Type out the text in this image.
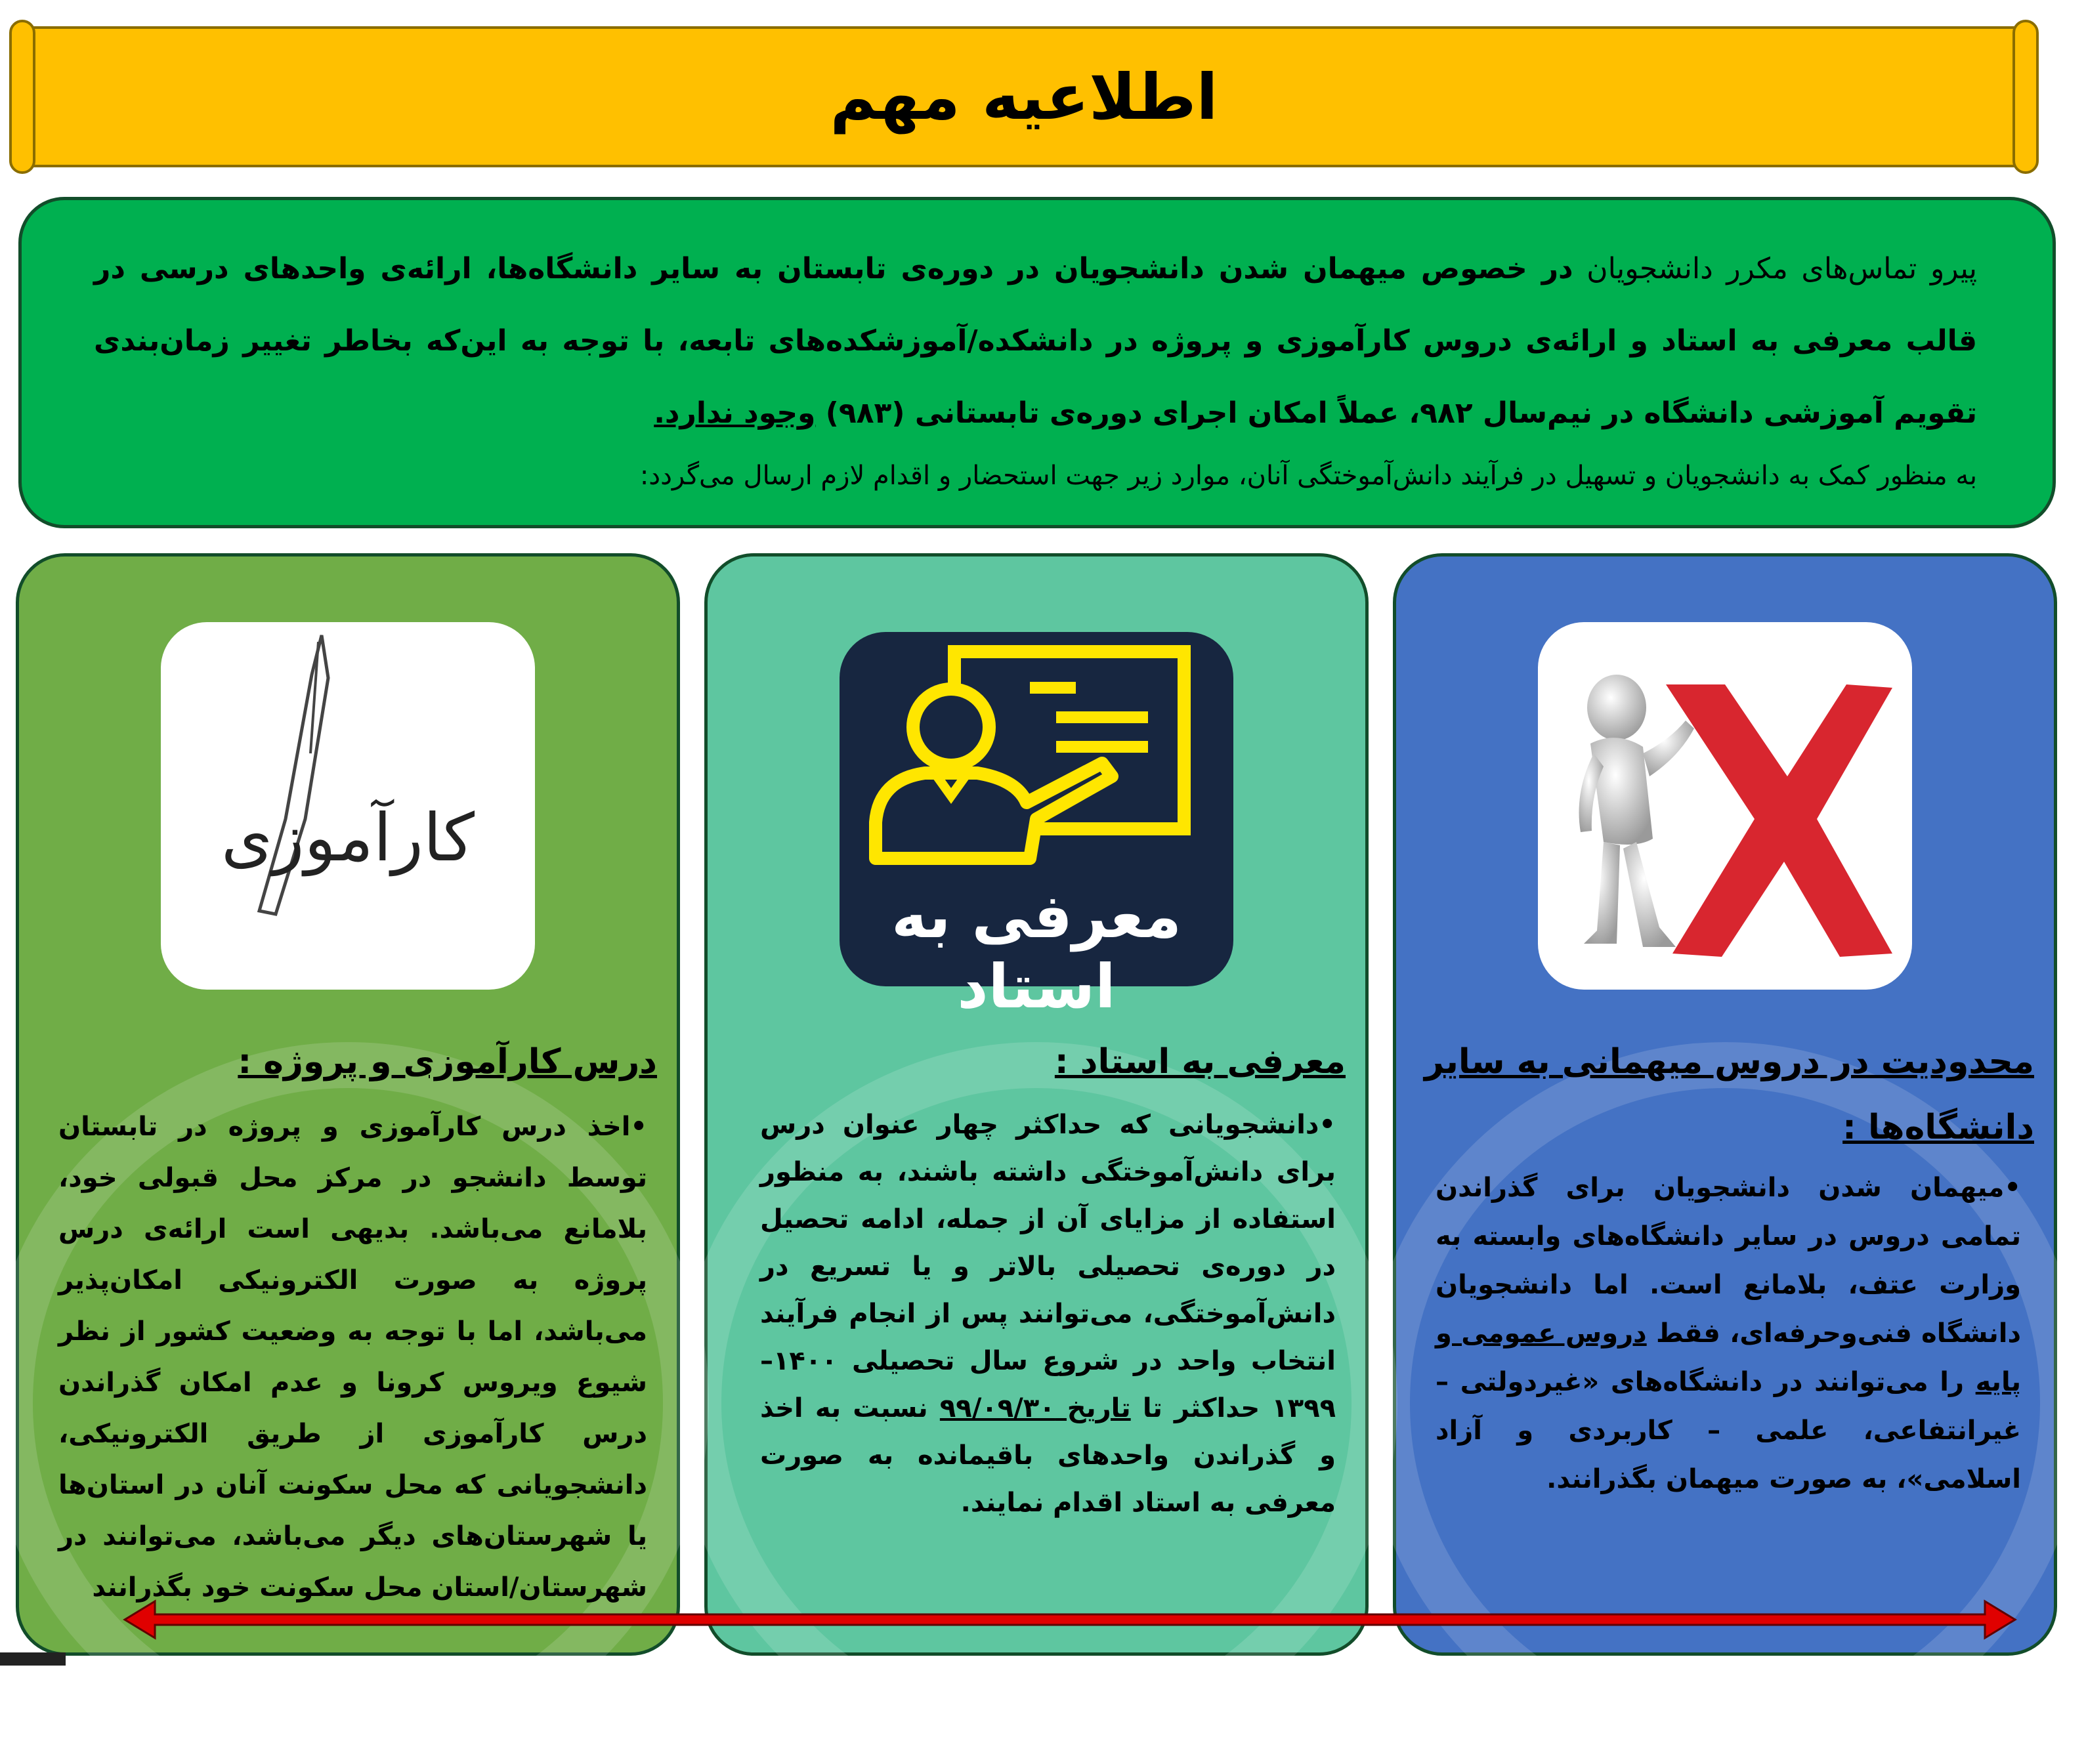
اطلاعیه مهم

پیرو تماس‌های مکرر دانشجویان در خصوص میهمان شدن دانشجویان در دوره‌ی تابستان به سایر دانشگاه‌ها، ارائه‌ی واحدهای درسی در قالب معرفی به استاد و ارائه‌ی دروس کارآموزی و پروژه در دانشکده/آموزشکده‌های تابعه، با توجه به این‌که بخاطر تغییر زمان‌بندی تقویم آموزشی دانشگاه در نیم‌سال ۹۸۲، عملاً امکان اجرای دوره‌ی تابستانی (۹۸۳) وجود ندارد.

به منظور کمک به دانشجویان و تسهیل در فرآیند دانش‌آموختگی آنان، موارد زیر جهت استحضار و اقدام لازم ارسال می‌گردد:

محدودیت در دروس میهمانی به سایر دانشگاه‌ها :

•میهمان شدن دانشجویان برای گذراندن تمامی دروس در سایر دانشگاه‌های وابسته به وزارت عتف، بلامانع است. اما دانشجویان دانشگاه فنی‌وحرفه‌ای، فقط دروس عمومی و پایه را می‌توانند در دانشگاه‌های «غیردولتی – غیرانتفاعی، علمی – کاربردی و آزاد اسلامی»، به صورت میهمان بگذرانند.

معرفی به استاد
معرفی به استاد :

•دانشجویانی که حداکثر چهار عنوان درس برای دانش‌آموختگی داشته باشند، به منظور استفاده از مزایای آن از جمله، ادامه تحصیل در دوره‌ی تحصیلی بالاتر و یا تسریع در دانش‌آموختگی، می‌توانند پس از انجام فرآیند انتخاب واحد در شروع سال تحصیلی ۱۴۰۰–۱۳۹۹ حداکثر تا تاریخ ۹۹/۰۹/۳۰ نسبت به اخذ و گذراندن واحدهای باقیمانده به صورت معرفی به استاد اقدام نمایند.

کارآموزی
درس کارآموزی و پروژه :

•اخذ درس کارآموزی و پروژه در تابستان توسط دانشجو در مرکز محل قبولی خود، بلامانع می‌باشد. بدیهی است ارائه‌ی درس پروژه به صورت الکترونیکی امکان‌پذیر می‌باشد، اما با توجه به وضعیت کشور از نظر شیوع ویروس کرونا و عدم امکان گذراندن درس کارآموزی از طریق الکترونیکی، دانشجویانی که محل سکونت آنان در استان‌ها یا شهرستان‌های دیگر می‌باشد، می‌توانند در شهرستان/استان محل سکونت خود بگذرانند
